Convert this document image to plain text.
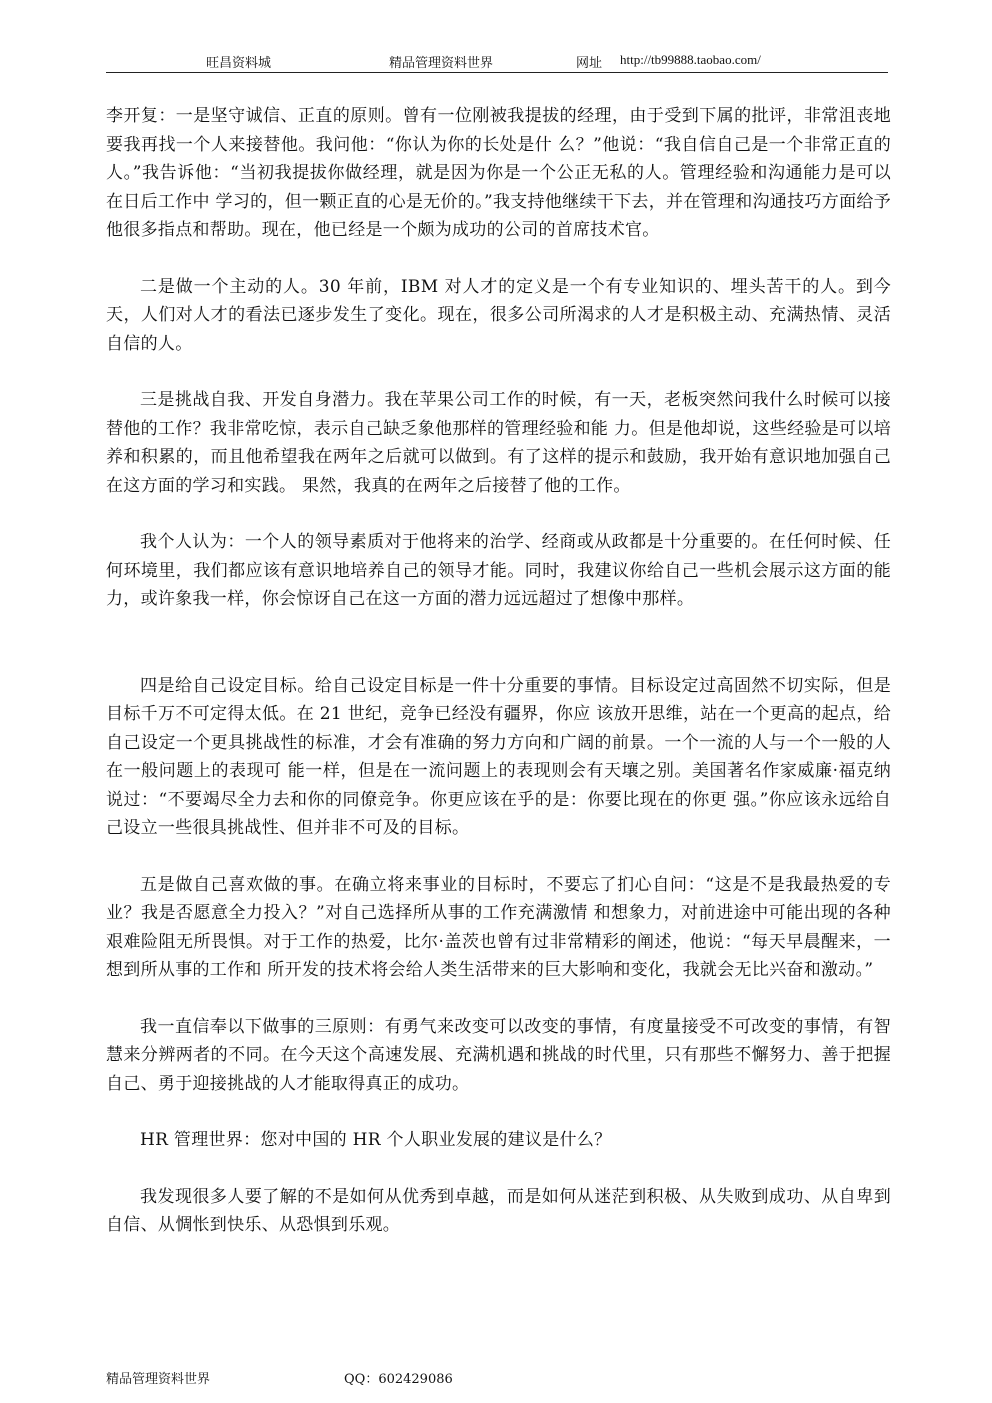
旺昌资料城	精品管理资料世界	网址 http://tb99888.taobao.com/

李开复：一是坚守诚信、正直的原则。曾有一位刚被我提拔的经理，由于受到下属的批评，非常沮丧地要我再找一个人来接替他。我问他：“你认为你的长处是什 么？”他说：“我自信自己是一个非常正直的人。”我告诉他：“当初我提拔你做经理，就是因为你是一个公正无私的人。管理经验和沟通能力是可以在日后工作中 学习的，但一颗正直的心是无价的。”我支持他继续干下去，并在管理和沟通技巧方面给予他很多指点和帮助。现在，他已经是一个颇为成功的公司的首席技术官。

二是做一个主动的人。30 年前，IBM 对人才的定义是一个有专业知识的、埋头苦干的人。到今天，人们对人才的看法已逐步发生了变化。现在，很多公司所渴求的人才是积极主动、充满热情、灵活自信的人。

三是挑战自我、开发自身潜力。我在苹果公司工作的时候，有一天，老板突然问我什么时候可以接替他的工作？我非常吃惊，表示自己缺乏象他那样的管理经验和能 力。但是他却说，这些经验是可以培养和积累的，而且他希望我在两年之后就可以做到。有了这样的提示和鼓励，我开始有意识地加强自己在这方面的学习和实践。 果然，我真的在两年之后接替了他的工作。

我个人认为：一个人的领导素质对于他将来的治学、经商或从政都是十分重要的。在任何时候、任何环境里，我们都应该有意识地培养自己的领导才能。同时，我建议你给自己一些机会展示这方面的能力，或许象我一样，你会惊讶自己在这一方面的潜力远远超过了想像中那样。

四是给自己设定目标。给自己设定目标是一件十分重要的事情。目标设定过高固然不切实际，但是目标千万不可定得太低。在 21 世纪，竞争已经没有疆界，你应 该放开思维，站在一个更高的起点，给自己设定一个更具挑战性的标准，才会有准确的努力方向和广阔的前景。一个一流的人与一个一般的人在一般问题上的表现可 能一样，但是在一流问题上的表现则会有天壤之别。美国著名作家威廉·福克纳说过：“不要竭尽全力去和你的同僚竞争。你更应该在乎的是：你要比现在的你更 强。”你应该永远给自己设立一些很具挑战性、但并非不可及的目标。

五是做自己喜欢做的事。在确立将来事业的目标时，不要忘了扪心自问：“这是不是我最热爱的专业？我是否愿意全力投入？”对自己选择所从事的工作充满激情 和想象力，对前进途中可能出现的各种艰难险阻无所畏惧。对于工作的热爱，比尔·盖茨也曾有过非常精彩的阐述，他说：“每天早晨醒来，一想到所从事的工作和 所开发的技术将会给人类生活带来的巨大影响和变化，我就会无比兴奋和激动。”

我一直信奉以下做事的三原则：有勇气来改变可以改变的事情，有度量接受不可改变的事情，有智慧来分辨两者的不同。在今天这个高速发展、充满机遇和挑战的时代里，只有那些不懈努力、善于把握自己、勇于迎接挑战的人才能取得真正的成功。

HR 管理世界：您对中国的 HR 个人职业发展的建议是什么？

我发现很多人要了解的不是如何从优秀到卓越，而是如何从迷茫到积极、从失败到成功、从自卑到自信、从惆怅到快乐、从恐惧到乐观。

精品管理资料世界	QQ：602429086
